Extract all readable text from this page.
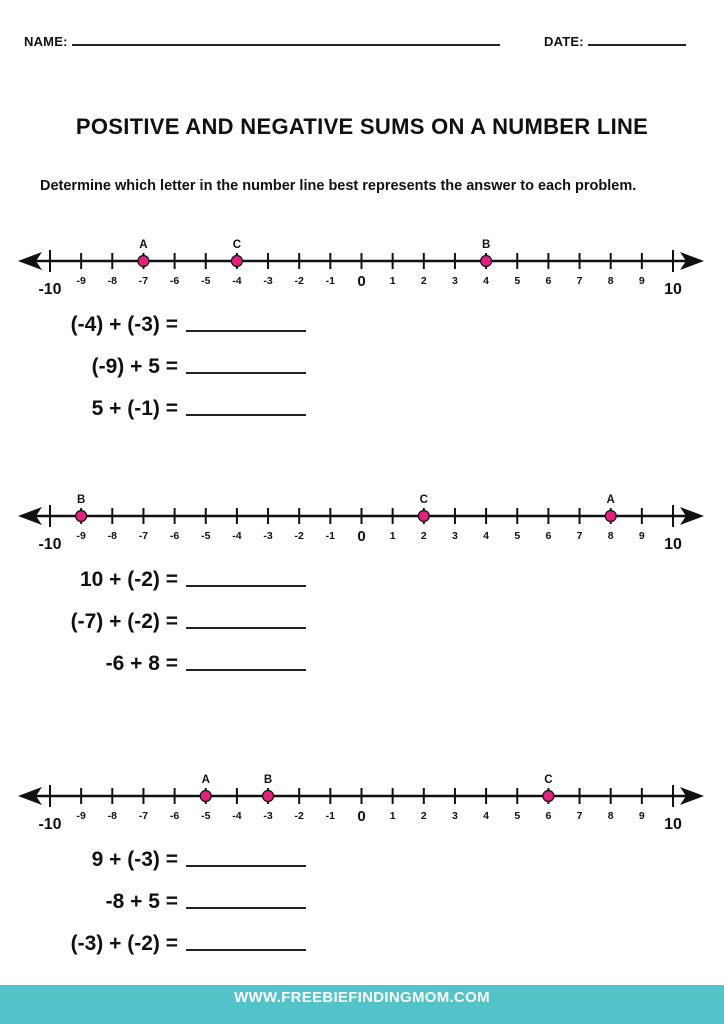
NAME:	DATE:
POSITIVE AND NEGATIVE SUMS ON A NUMBER LINE
Determine which letter in the number line best represents the answer to each problem.
-10 -9 -8 -7 -6 -5 -4 -3 -2 -1 0 1 2 3 4 5 6 7 8 9 10
A	C	B
(-4) + (-3) =
(-9) + 5 =
5 + (-1) =
-10 -9 -8 -7 -6 -5 -4 -3 -2 -1 0 1 2 3 4 5 6 7 8 9 10
B	C	A
10 + (-2) =
(-7) + (-2) =
-6 + 8 =
-10 -9 -8 -7 -6 -5 -4 -3 -2 -1 0 1 2 3 4 5 6 7 8 9 10
A	B	C
9 + (-3) =
-8 + 5 =
(-3) + (-2) =
WWW.FREEBIEFINDINGMOM.COM
